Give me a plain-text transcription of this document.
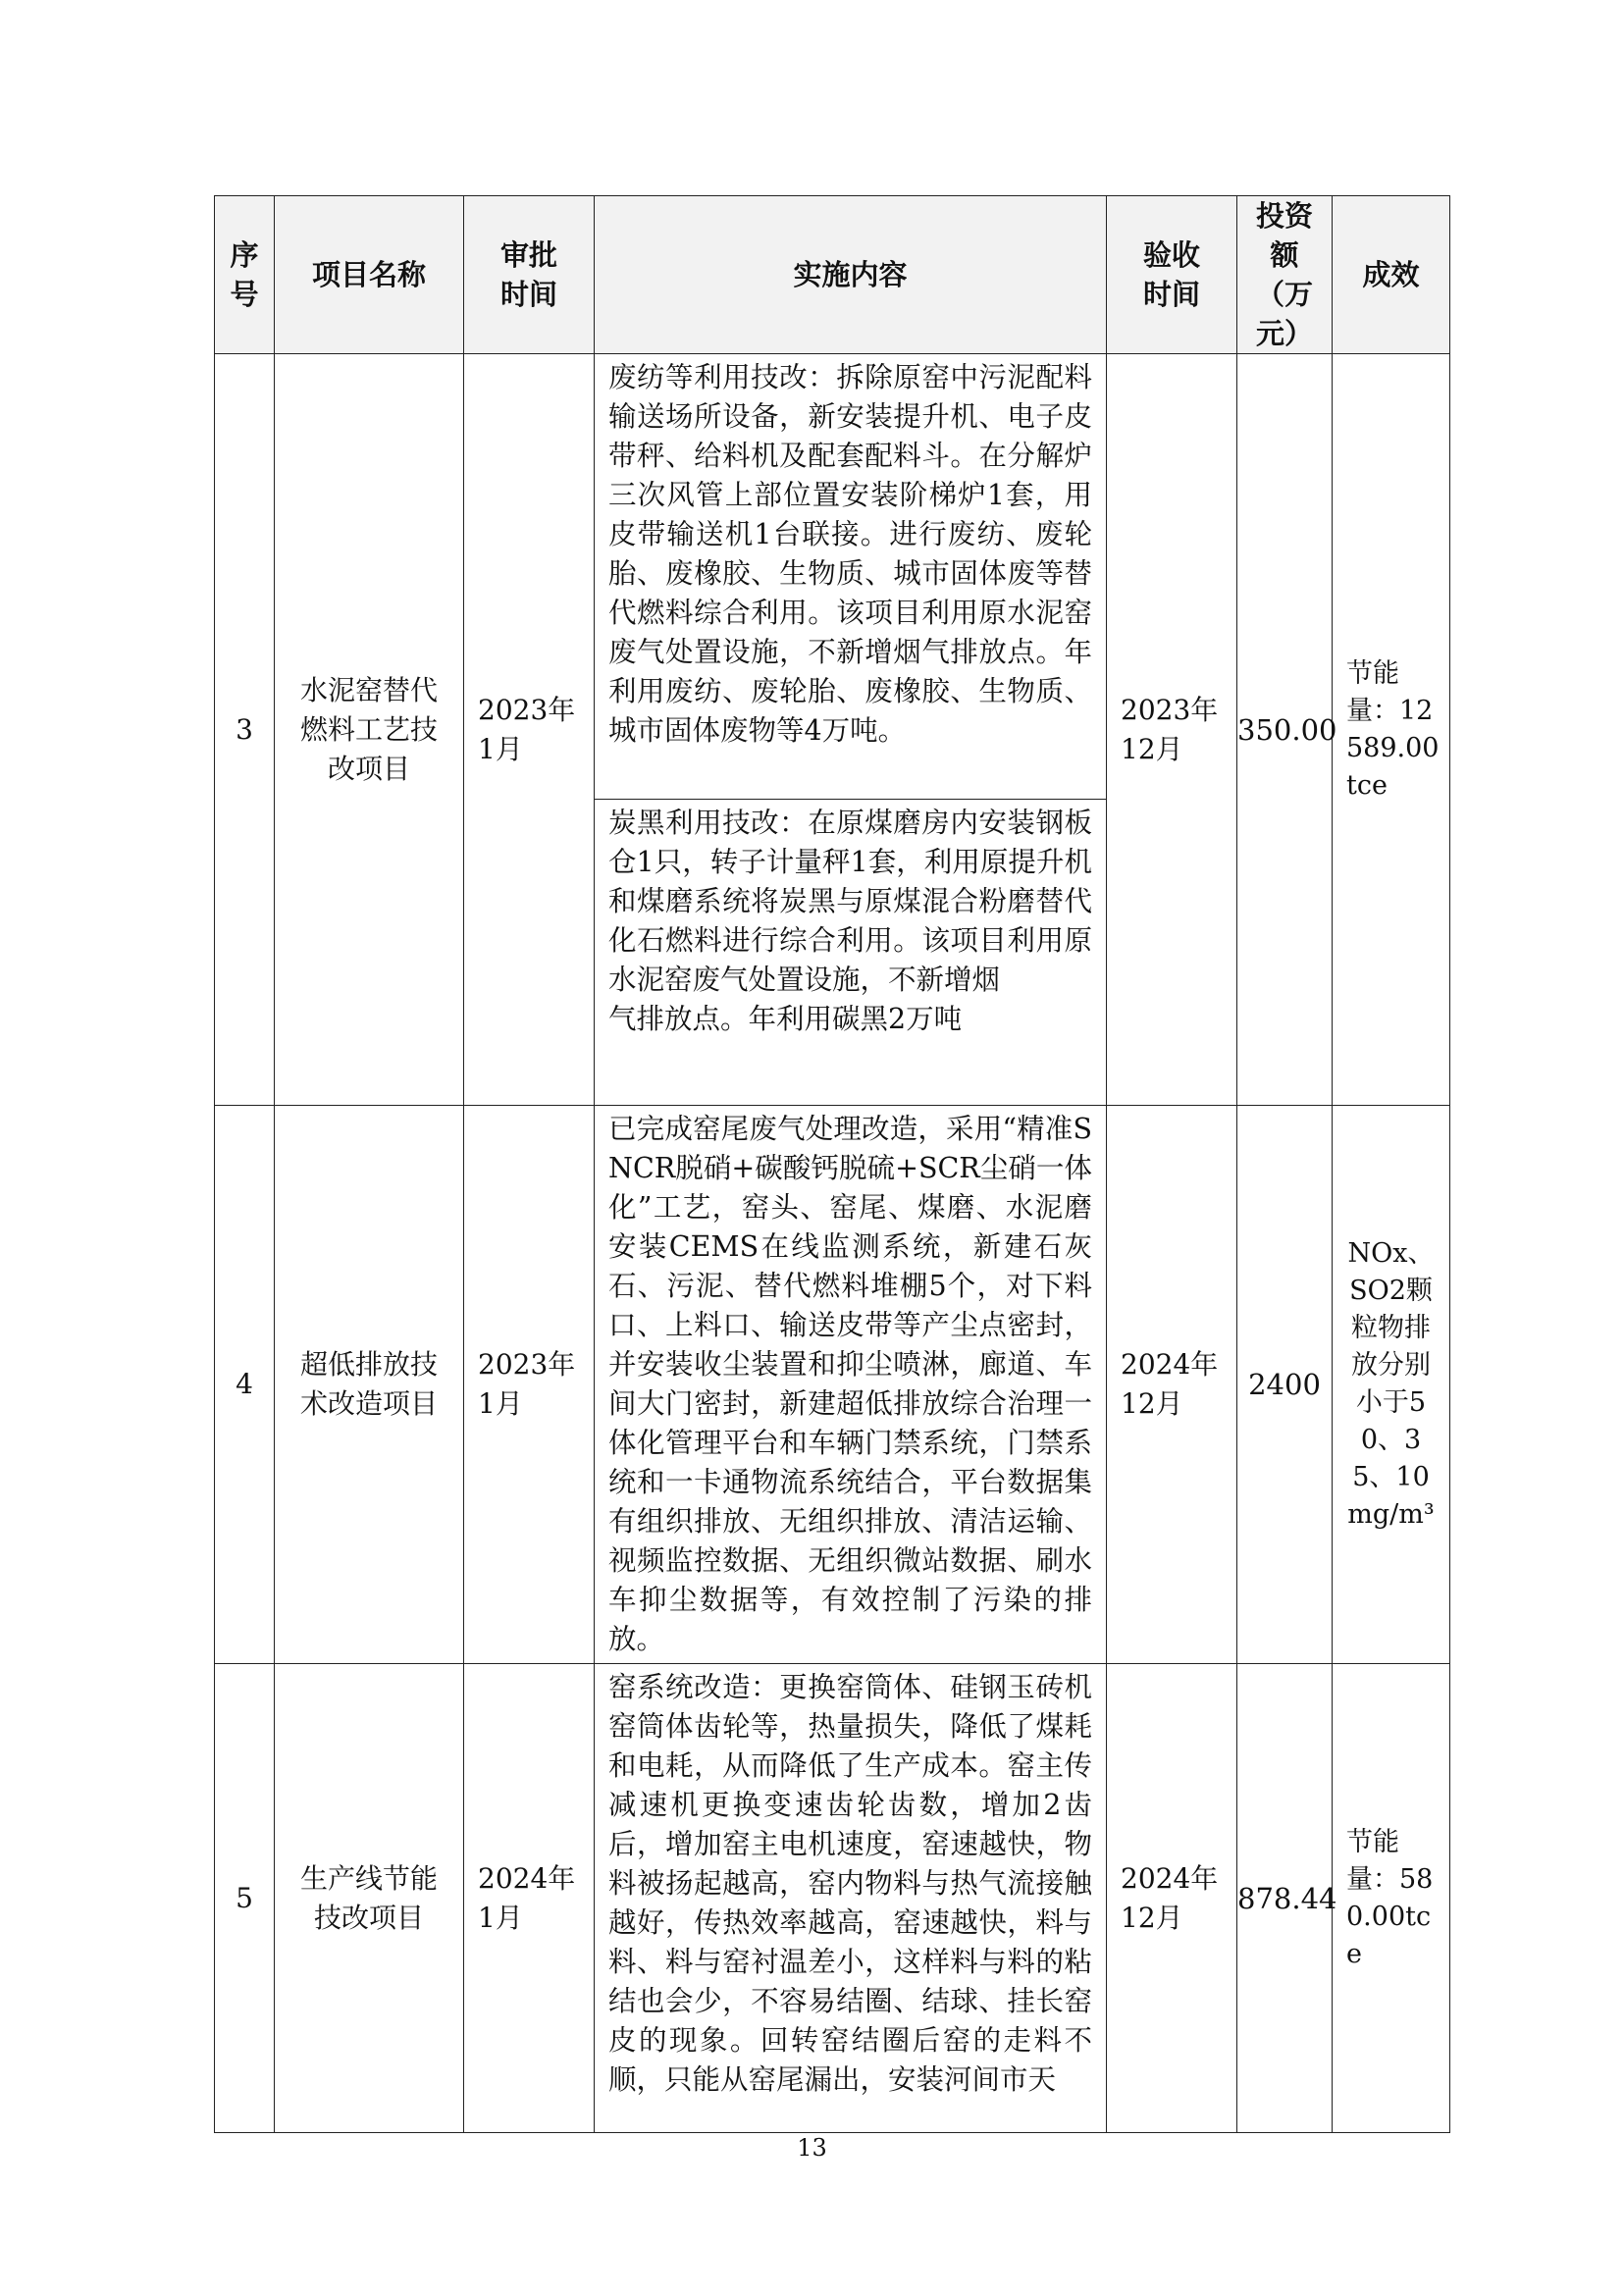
序号	项目名称	审批时间	实施内容	验收时间	投资额（万元）	成效
3	水泥窑替代燃料工艺技改项目	2023年1月	废纺等利用技改：拆除原窑中污泥配料输送场所设备，新安装提升机、电子皮带秤、给料机及配套配料斗。在分解炉三次风管上部位置安装阶梯炉1套，用皮带输送机1台联接。进行废纺、废轮胎、废橡胶、生物质、城市固体废等替代燃料综合利用。该项目利用原水泥窑废气处置设施，不新增烟气排放点。年利用废纺、废轮胎、废橡胶、生物质、城市固体废物等4万吨。	2023年12月	350.00	节能量：12589.00tce
			炭黑利用技改：在原煤磨房内安装钢板仓1只，转子计量秤1套，利用原提升机和煤磨系统将炭黑与原煤混合粉磨替代化石燃料进行综合利用。该项目利用原水泥窑废气处置设施，不新增烟
气排放点。年利用碳黑2万吨			
4	超低排放技术改造项目	2023年1月	已完成窑尾废气处理改造，采用“精准SNCR脱硝+碳酸钙脱硫+SCR尘硝一体化”工艺，窑头、窑尾、煤磨、水泥磨安装CEMS在线监测系统，新建石灰石、污泥、替代燃料堆棚5个，对下料口、上料口、输送皮带等产尘点密封，并安装收尘装置和抑尘喷淋，廊道、车间大门密封，新建超低排放综合治理一体化管理平台和车辆门禁系统，门禁系统和一卡通物流系统结合，平台数据集有组织排放、无组织排放、清洁运输、视频监控数据、无组织微站数据、刷水车抑尘数据等，有效控制了污染的排放。	2024年12月	2400	NOx、SO2颗粒物排放分别小于50、35、10mg/m³
5	生产线节能技改项目	2024年1月	窑系统改造：更换窑筒体、硅钢玉砖机窑筒体齿轮等，热量损失，降低了煤耗和电耗，从而降低了生产成本。窑主传减速机更换变速齿轮齿数，增加2齿后，增加窑主电机速度，窑速越快，物料被扬起越高，窑内物料与热气流接触越好，传热效率越高，窑速越快，料与料、料与窑衬温差小，这样料与料的粘结也会少，不容易结圈、结球、挂长窑皮的现象。回转窑结圈后窑的走料不顺，只能从窑尾漏出，安装河间市天	2024年12月	878.44	节能量：580.00tce
13
